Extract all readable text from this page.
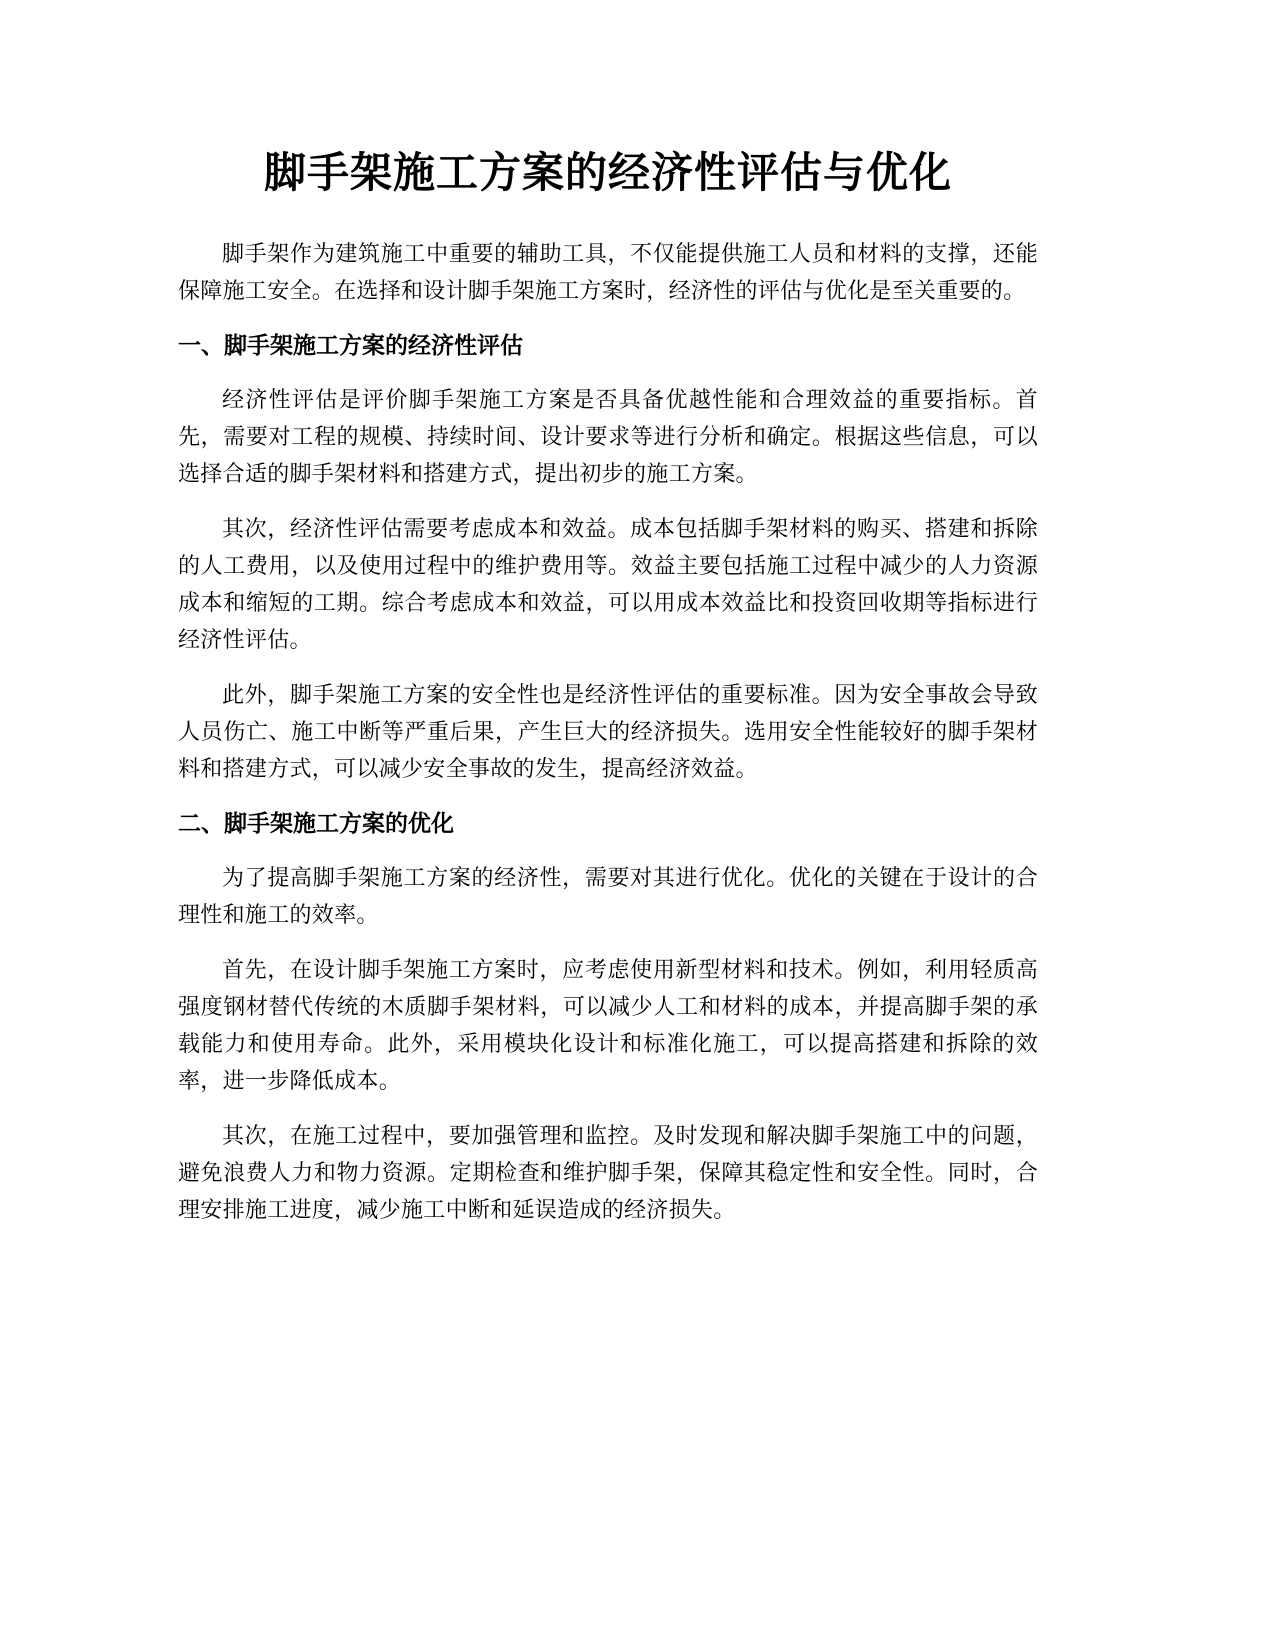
脚手架施工方案的经济性评估与优化

脚手架作为建筑施工中重要的辅助工具，不仅能提供施工人员和材料的支撑，还能保障施工安全。在选择和设计脚手架施工方案时，经济性的评估与优化是至关重要的。

一、脚手架施工方案的经济性评估

经济性评估是评价脚手架施工方案是否具备优越性能和合理效益的重要指标。首先，需要对工程的规模、持续时间、设计要求等进行分析和确定。根据这些信息，可以选择合适的脚手架材料和搭建方式，提出初步的施工方案。

其次，经济性评估需要考虑成本和效益。成本包括脚手架材料的购买、搭建和拆除的人工费用，以及使用过程中的维护费用等。效益主要包括施工过程中减少的人力资源成本和缩短的工期。综合考虑成本和效益，可以用成本效益比和投资回收期等指标进行经济性评估。

此外，脚手架施工方案的安全性也是经济性评估的重要标准。因为安全事故会导致人员伤亡、施工中断等严重后果，产生巨大的经济损失。选用安全性能较好的脚手架材料和搭建方式，可以减少安全事故的发生，提高经济效益。

二、脚手架施工方案的优化

为了提高脚手架施工方案的经济性，需要对其进行优化。优化的关键在于设计的合理性和施工的效率。

首先，在设计脚手架施工方案时，应考虑使用新型材料和技术。例如，利用轻质高强度钢材替代传统的木质脚手架材料，可以减少人工和材料的成本，并提高脚手架的承载能力和使用寿命。此外，采用模块化设计和标准化施工，可以提高搭建和拆除的效率，进一步降低成本。

其次，在施工过程中，要加强管理和监控。及时发现和解决脚手架施工中的问题，避免浪费人力和物力资源。定期检查和维护脚手架，保障其稳定性和安全性。同时，合理安排施工进度，减少施工中断和延误造成的经济损失。
